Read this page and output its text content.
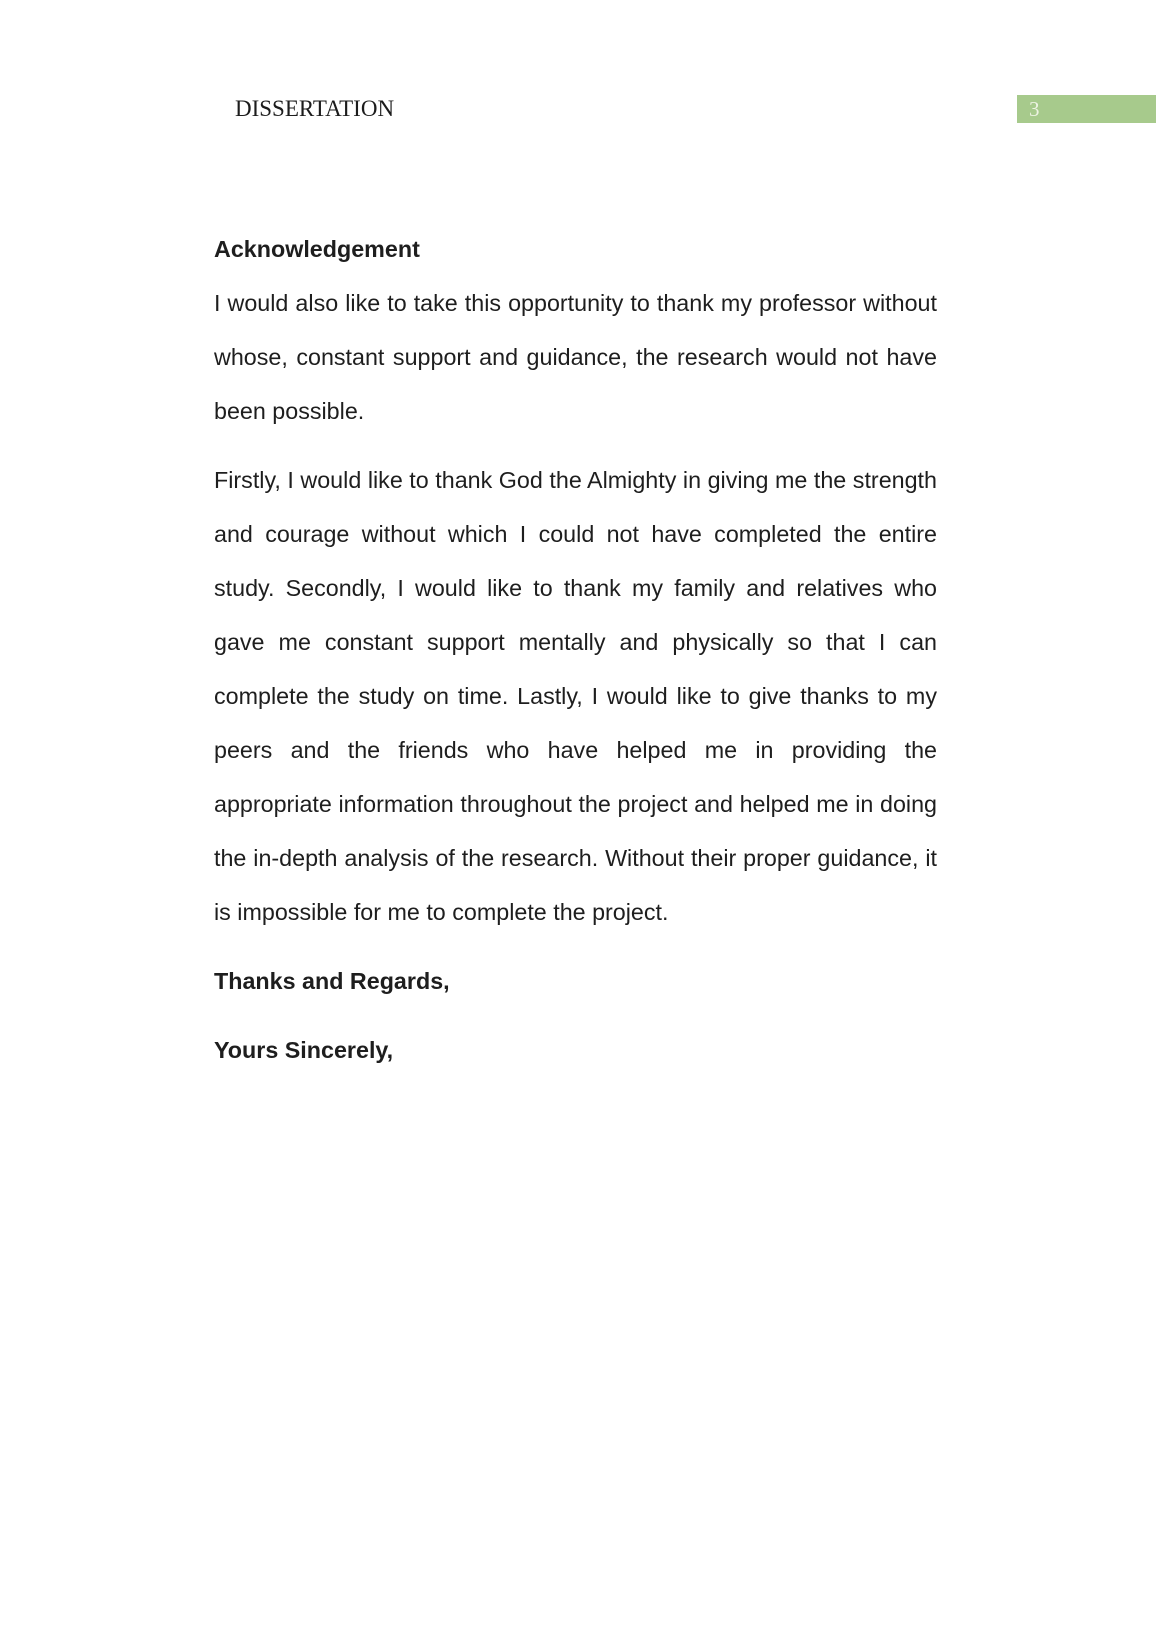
DISSERTATION	3
Acknowledgement

I would also like to take this opportunity to thank my professor without whose, constant support and guidance, the research would not have been possible.

Firstly, I would like to thank God the Almighty in giving me the strength and courage without which I could not have completed the entire study. Secondly, I would like to thank my family and relatives who gave me constant support mentally and physically so that I can complete the study on time. Lastly, I would like to give thanks to my peers and the friends who have helped me in providing the appropriate information throughout the project and helped me in doing the in-depth analysis of the research. Without their proper guidance, it is impossible for me to complete the project.

Thanks and Regards,

Yours Sincerely,
